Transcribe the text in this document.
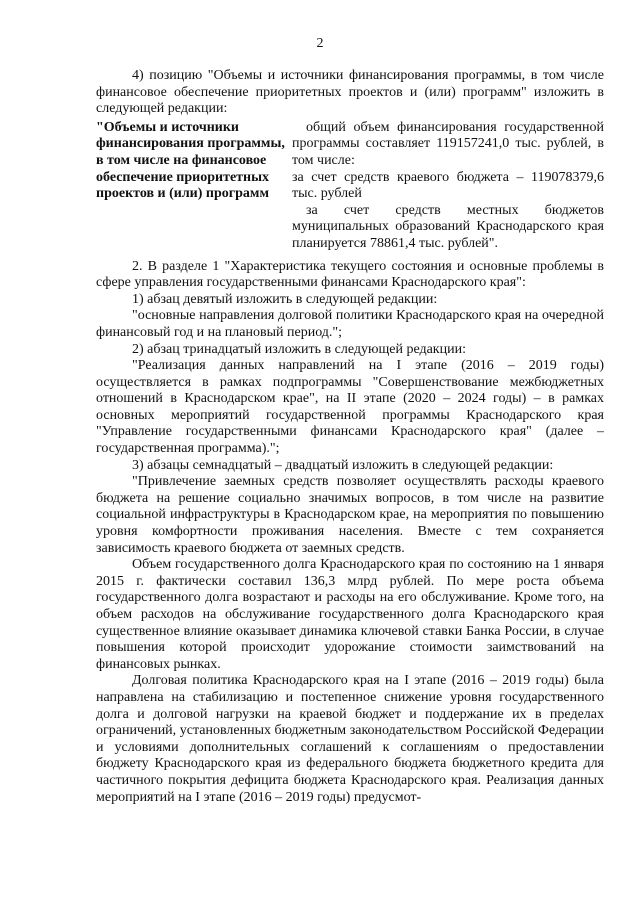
2

4) позицию "Объемы и источники финансирования программы, в том числе финансовое обеспечение приоритетных проектов и (или) программ" изложить в следующей редакции:

"Объемы и источники финансирования программы, в том числе на финансовое обеспечение приоритетных проектов и (или) программ
общий объем финансирования государственной программы составляет 119157241,0 тыс. рублей, в том числе:
за счет средств краевого бюджета – 119078379,6 тыс. рублей
за счет средств местных бюджетов муниципальных образований Краснодарского края планируется 78861,4 тыс. рублей".

2. В разделе 1 "Характеристика текущего состояния и основные проблемы в сфере управления государственными финансами Краснодарского края":

1) абзац девятый изложить в следующей редакции:

"основные направления долговой политики Краснодарского края на очередной финансовый год и на плановый период.";

2) абзац тринадцатый изложить в следующей редакции:

"Реализация данных направлений на I этапе (2016 – 2019 годы) осуществляется в рамках подпрограммы "Совершенствование межбюджетных отношений в Краснодарском крае", на II этапе (2020 – 2024 годы) – в рамках основных мероприятий государственной программы Краснодарского края "Управление государственными финансами Краснодарского края" (далее – государственная программа).";

3) абзацы семнадцатый – двадцатый изложить в следующей редакции:

"Привлечение заемных средств позволяет осуществлять расходы краевого бюджета на решение социально значимых вопросов, в том числе на развитие социальной инфраструктуры в Краснодарском крае, на мероприятия по повышению уровня комфортности проживания населения. Вместе с тем сохраняется зависимость краевого бюджета от заемных средств.

Объем государственного долга Краснодарского края по состоянию на 1 января 2015 г. фактически составил 136,3 млрд рублей. По мере роста объема государственного долга возрастают и расходы на его обслуживание. Кроме того, на объем расходов на обслуживание государственного долга Краснодарского края существенное влияние оказывает динамика ключевой ставки Банка России, в случае повышения которой происходит удорожание стоимости заимствований на финансовых рынках.

Долговая политика Краснодарского края на I этапе (2016 – 2019 годы) была направлена на стабилизацию и постепенное снижение уровня государственного долга и долговой нагрузки на краевой бюджет и поддержание их в пределах ограничений, установленных бюджетным законодательством Российской Федерации и условиями дополнительных соглашений к соглашениям о предоставлении бюджету Краснодарского края из федерального бюджета бюджетного кредита для частичного покрытия дефицита бюджета Краснодарского края. Реализация данных мероприятий на I этапе (2016 – 2019 годы) предусмот-
